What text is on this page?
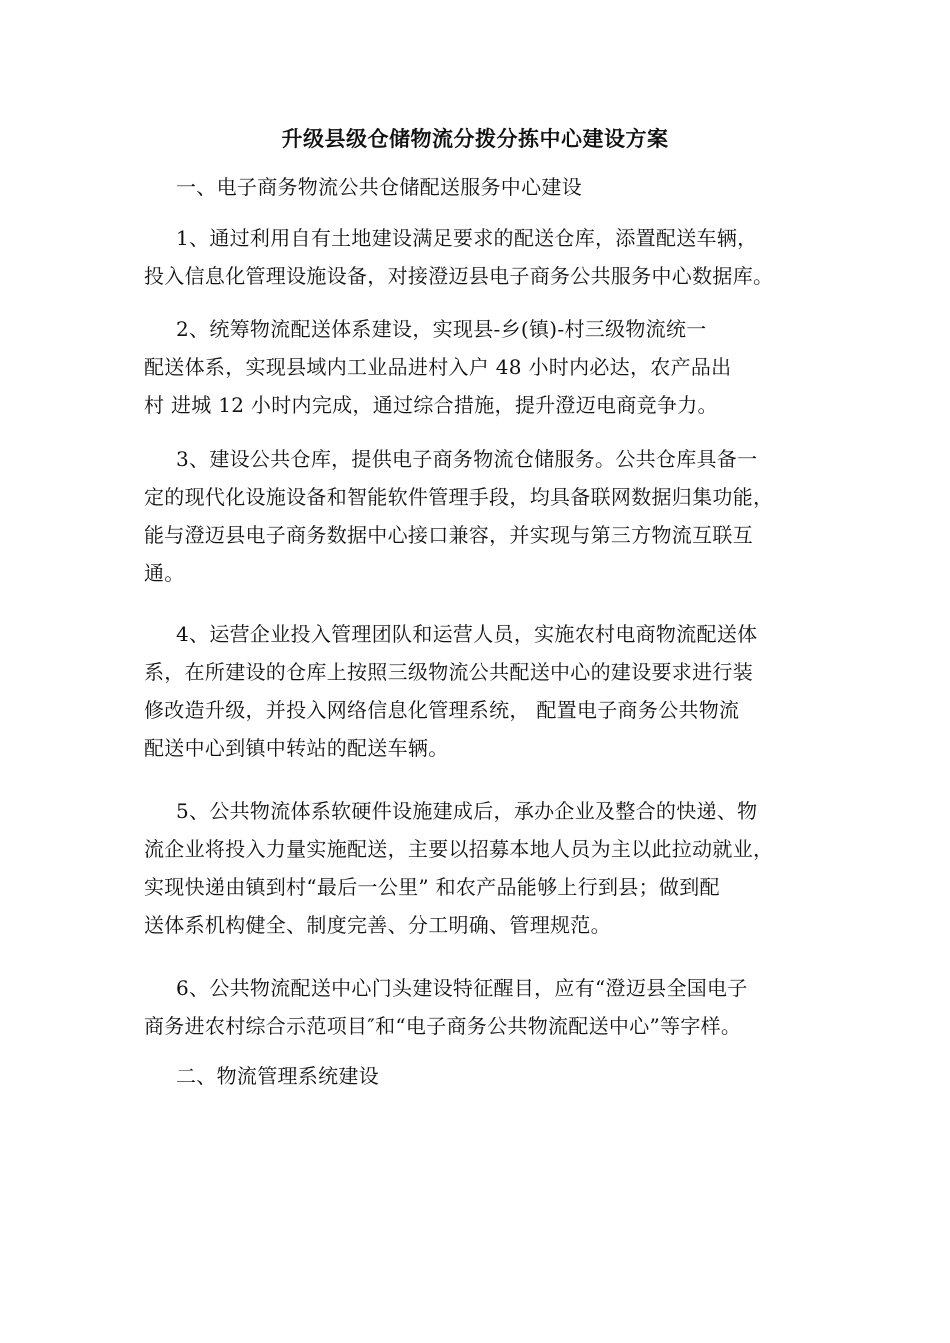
升级县级仓储物流分拨分拣中心建设方案
一、电子商务物流公共仓储配送服务中心建设
1、通过利用自有土地建设满足要求的配送仓库，添置配送车辆，
投入信息化管理设施设备，对接澄迈县电子商务公共服务中心数据库。
2、统筹物流配送体系建设，实现县-乡(镇)-村三级物流统一
配送体系，实现县域内工业品进村入户 48 小时内必达，农产品出
村 进城 12 小时内完成，通过综合措施，提升澄迈电商竞争力。
3、建设公共仓库，提供电子商务物流仓储服务。公共仓库具备一
定的现代化设施设备和智能软件管理手段，均具备联网数据归集功能，
能与澄迈县电子商务数据中心接口兼容，并实现与第三方物流互联互
通。
4、运营企业投入管理团队和运营人员，实施农村电商物流配送体
系，在所建设的仓库上按照三级物流公共配送中心的建设要求进行装
修改造升级，并投入网络信息化管理系统， 配置电子商务公共物流
配送中心到镇中转站的配送车辆。
5、公共物流体系软硬件设施建成后，承办企业及整合的快递、物
流企业将投入力量实施配送，主要以招募本地人员为主以此拉动就业，
实现快递由镇到村“最后一公里” 和农产品能够上行到县；做到配
送体系机构健全、制度完善、分工明确、管理规范。
6、公共物流配送中心门头建设特征醒目，应有“澄迈县全国电子
商务进农村综合示范项目″和“电子商务公共物流配送中心”等字样。
二、物流管理系统建设
